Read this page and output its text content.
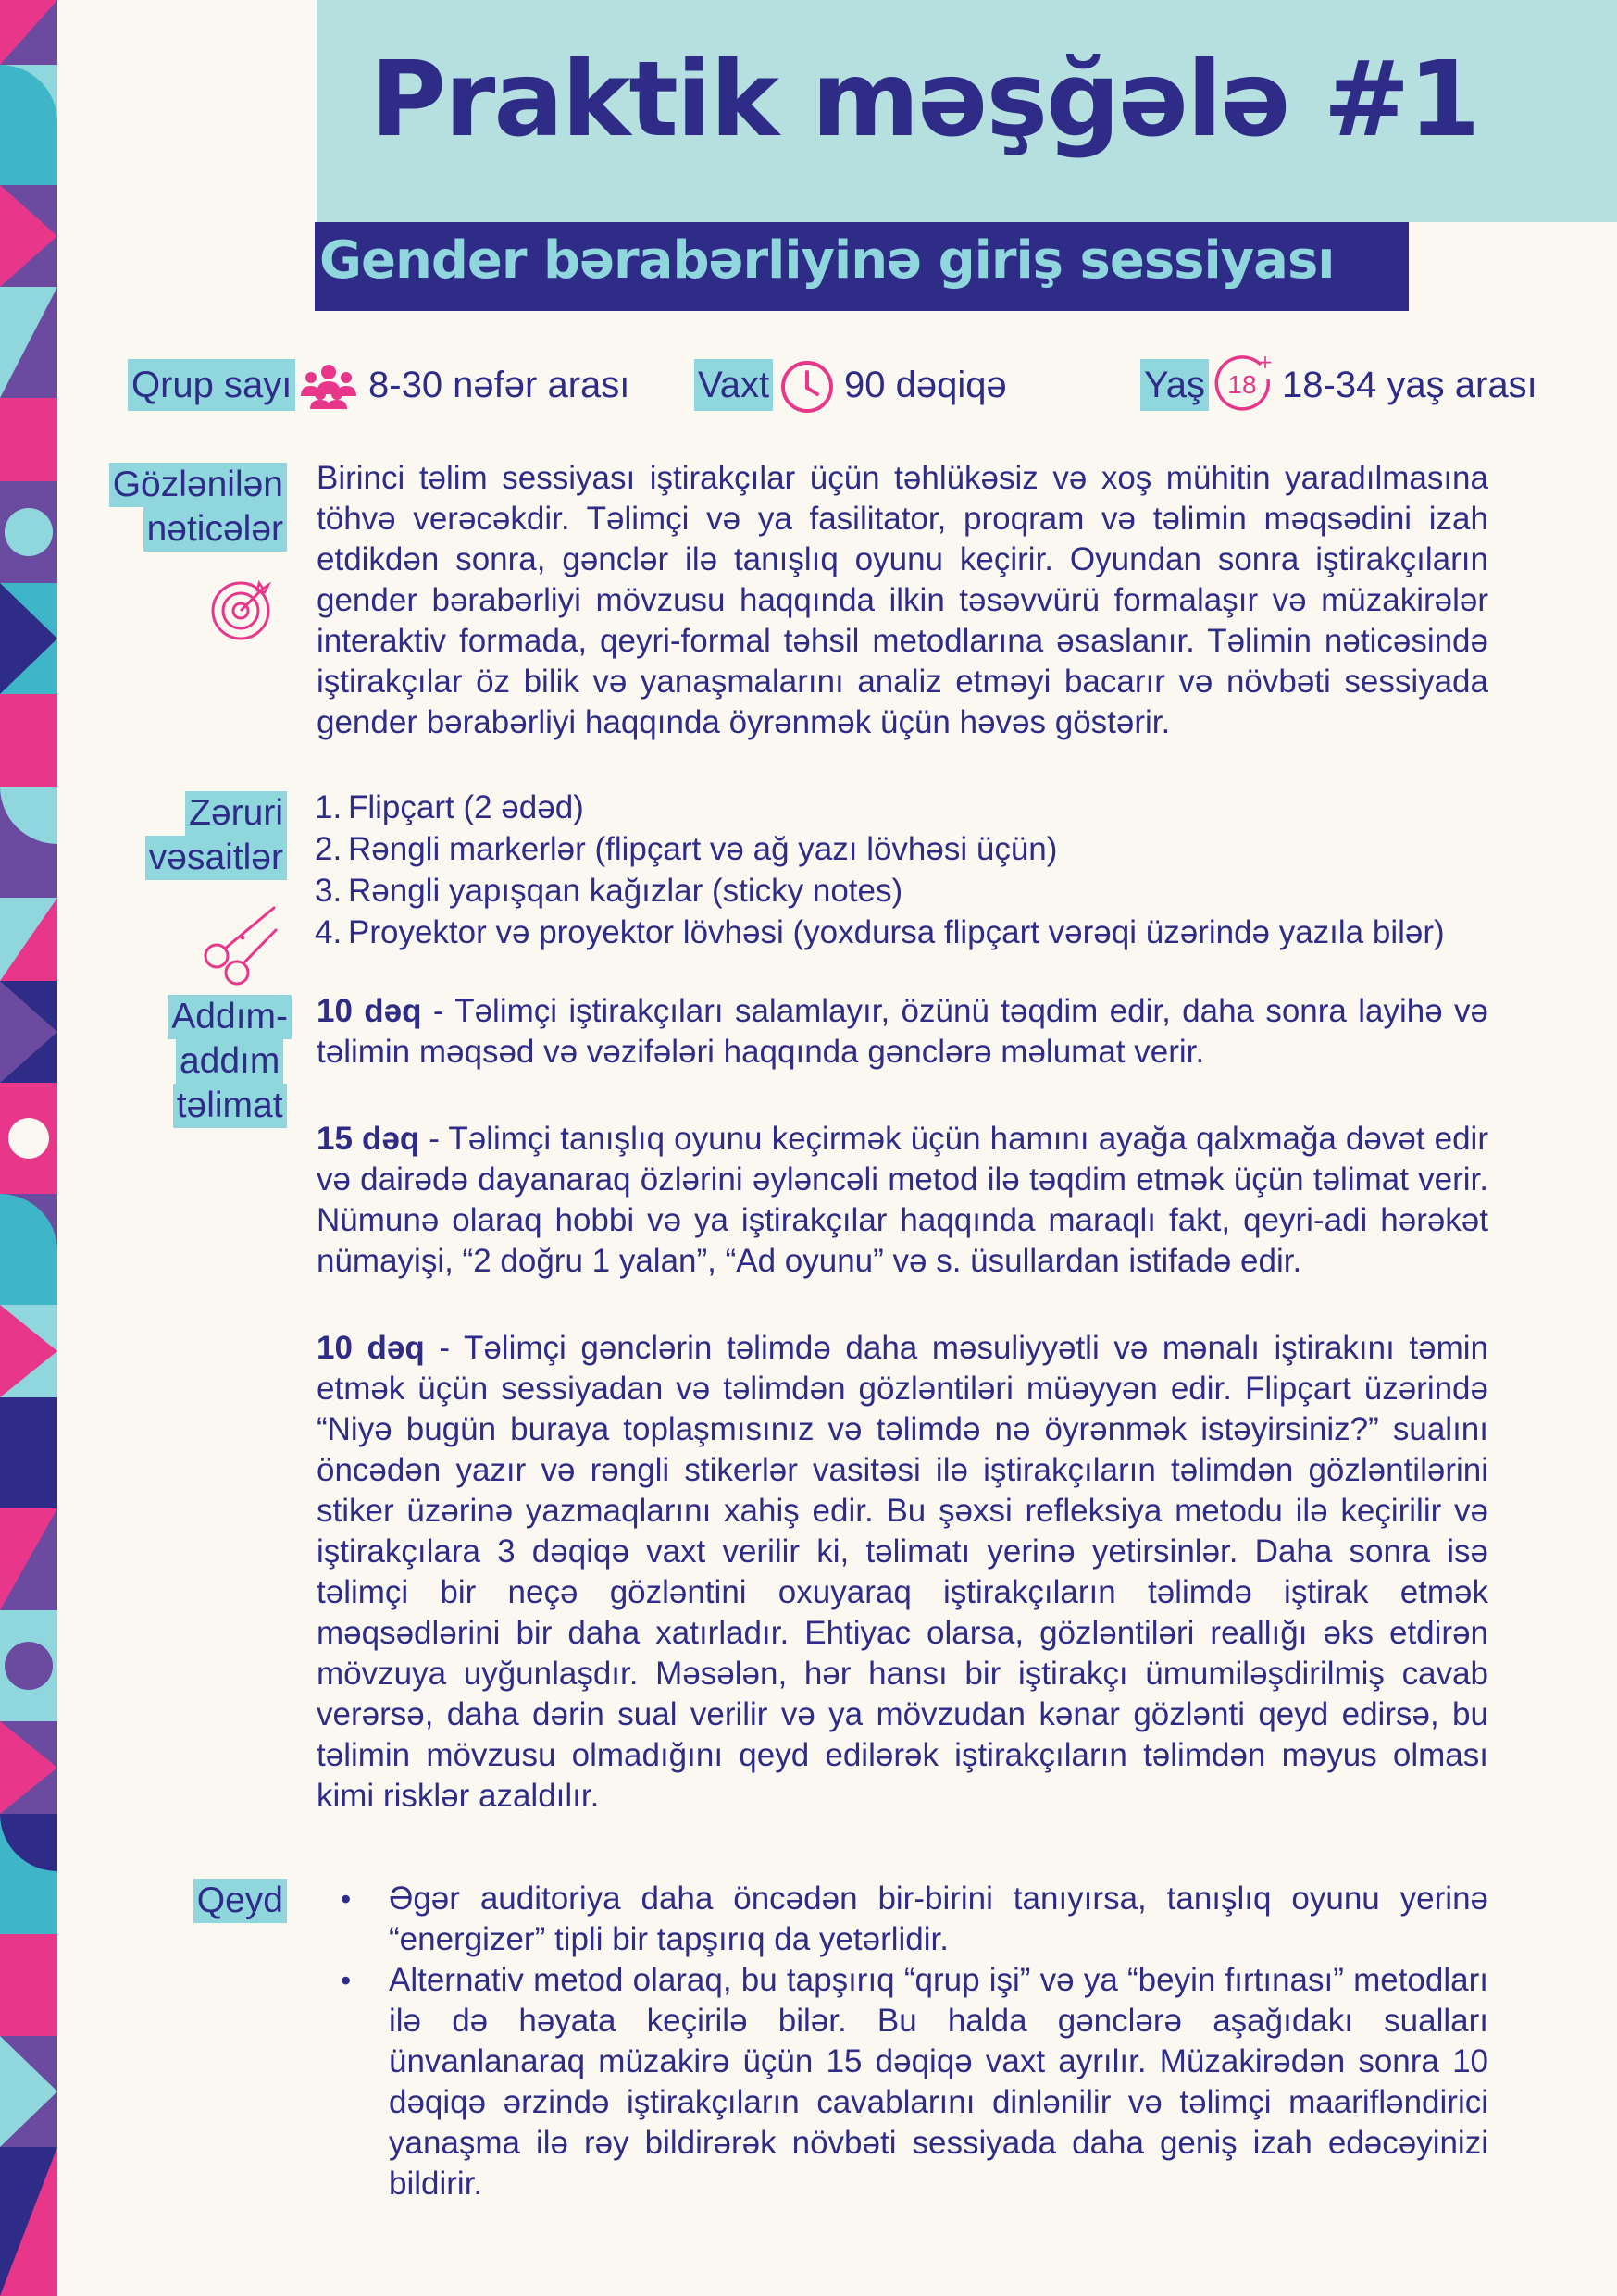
Praktik məşğələ #1
Gender bərabərliyinə giriş sessiyası
Qrup sayı 8-30 nəfər arası Vaxt 90 dəqiqə	Yaş
+
18 18-34 yaş arası
Gözlənilən
nəticələr

Birinci təlim sessiyası iştirakçılar üçün təhlükəsiz və xoş mühitin yaradılmasına töhvə verəcəkdir. Təlimçi və ya fasilitator, proqram və təlimin məqsədini izah etdikdən sonra, gənclər ilə tanışlıq oyunu keçirir. Oyundan sonra iştirakçıların gender bərabərliyi mövzusu haqqında ilkin təsəvvürü formalaşır və müzakirələr interaktiv formada, qeyri-formal təhsil metodlarına əsaslanır. Təlimin nəticəsində iştirakçılar öz bilik və yanaşmalarını analiz etməyi bacarır və növbəti sessiyada gender bərabərliyi haqqında öyrənmək üçün həvəs göstərir.

Zəruri
vəsaitlər
1. Flipçart (2 ədəd)
2. Rəngli markerlər (flipçart və ağ yazı lövhəsi üçün)
3. Rəngli yapışqan kağızlar (sticky notes)
4. Proyektor və proyektor lövhəsi (yoxdursa flipçart vərəqi üzərində yazıla bilər)
Addım-
addım
təlimat

10 dəq - Təlimçi iştirakçıları salamlayır, özünü təqdim edir, daha sonra layihə və təlimin məqsəd və vəzifələri haqqında gənclərə məlumat verir.

15 dəq - Təlimçi tanışlıq oyunu keçirmək üçün hamını ayağa qalxmağa dəvət edir və dairədə dayanaraq özlərini əyləncəli metod ilə təqdim etmək üçün təlimat verir. Nümunə olaraq hobbi və ya iştirakçılar haqqında maraqlı fakt, qeyri-adi hərəkət nümayişi, “2 doğru 1 yalan”, “Ad oyunu” və s. üsullardan istifadə edir.

10 dəq - Təlimçi gənclərin təlimdə daha məsuliyyətli və mənalı iştirakını təmin etmək üçün sessiyadan və təlimdən gözləntiləri müəyyən edir. Flipçart üzərində “Niyə bugün buraya toplaşmısınız və təlimdə nə öyrənmək istəyirsiniz?” sualını öncədən yazır və rəngli stikerlər vasitəsi ilə iştirakçıların təlimdən gözləntilərini stiker üzərinə yazmaqlarını xahiş edir. Bu şəxsi refleksiya metodu ilə keçirilir və iştirakçılara 3 dəqiqə vaxt verilir ki, təlimatı yerinə yetirsinlər. Daha sonra isə təlimçi bir neçə gözləntini oxuyaraq iştirakçıların təlimdə iştirak etmək məqsədlərini bir daha xatırladır. Ehtiyac olarsa, gözləntiləri reallığı əks etdirən mövzuya uyğunlaşdır. Məsələn, hər hansı bir iştirakçı ümumiləşdirilmiş cavab verərsə, daha dərin sual verilir və ya mövzudan kənar gözlənti qeyd edirsə, bu təlimin mövzusu olmadığını qeyd edilərək iştirakçıların təlimdən məyus olması kimi risklər azaldılır.

Qeyd • Əgər auditoriya daha öncədən bir-birini tanıyırsa, tanışlıq oyunu yerinə “energizer” tipli bir tapşırıq da yetərlidir.
• Alternativ metod olaraq, bu tapşırıq “qrup işi” və ya “beyin fırtınası” metodları ilə də həyata keçirilə bilər. Bu halda gənclərə aşağıdakı sualları ünvanlanaraq müzakirə üçün 15 dəqiqə vaxt ayrılır. Müzakirədən sonra 10 dəqiqə ərzində iştirakçıların cavablarını dinlənilir və təlimçi maarifləndirici yanaşma ilə rəy bildirərək növbəti sessiyada daha geniş izah edəcəyinizi bildirir.
